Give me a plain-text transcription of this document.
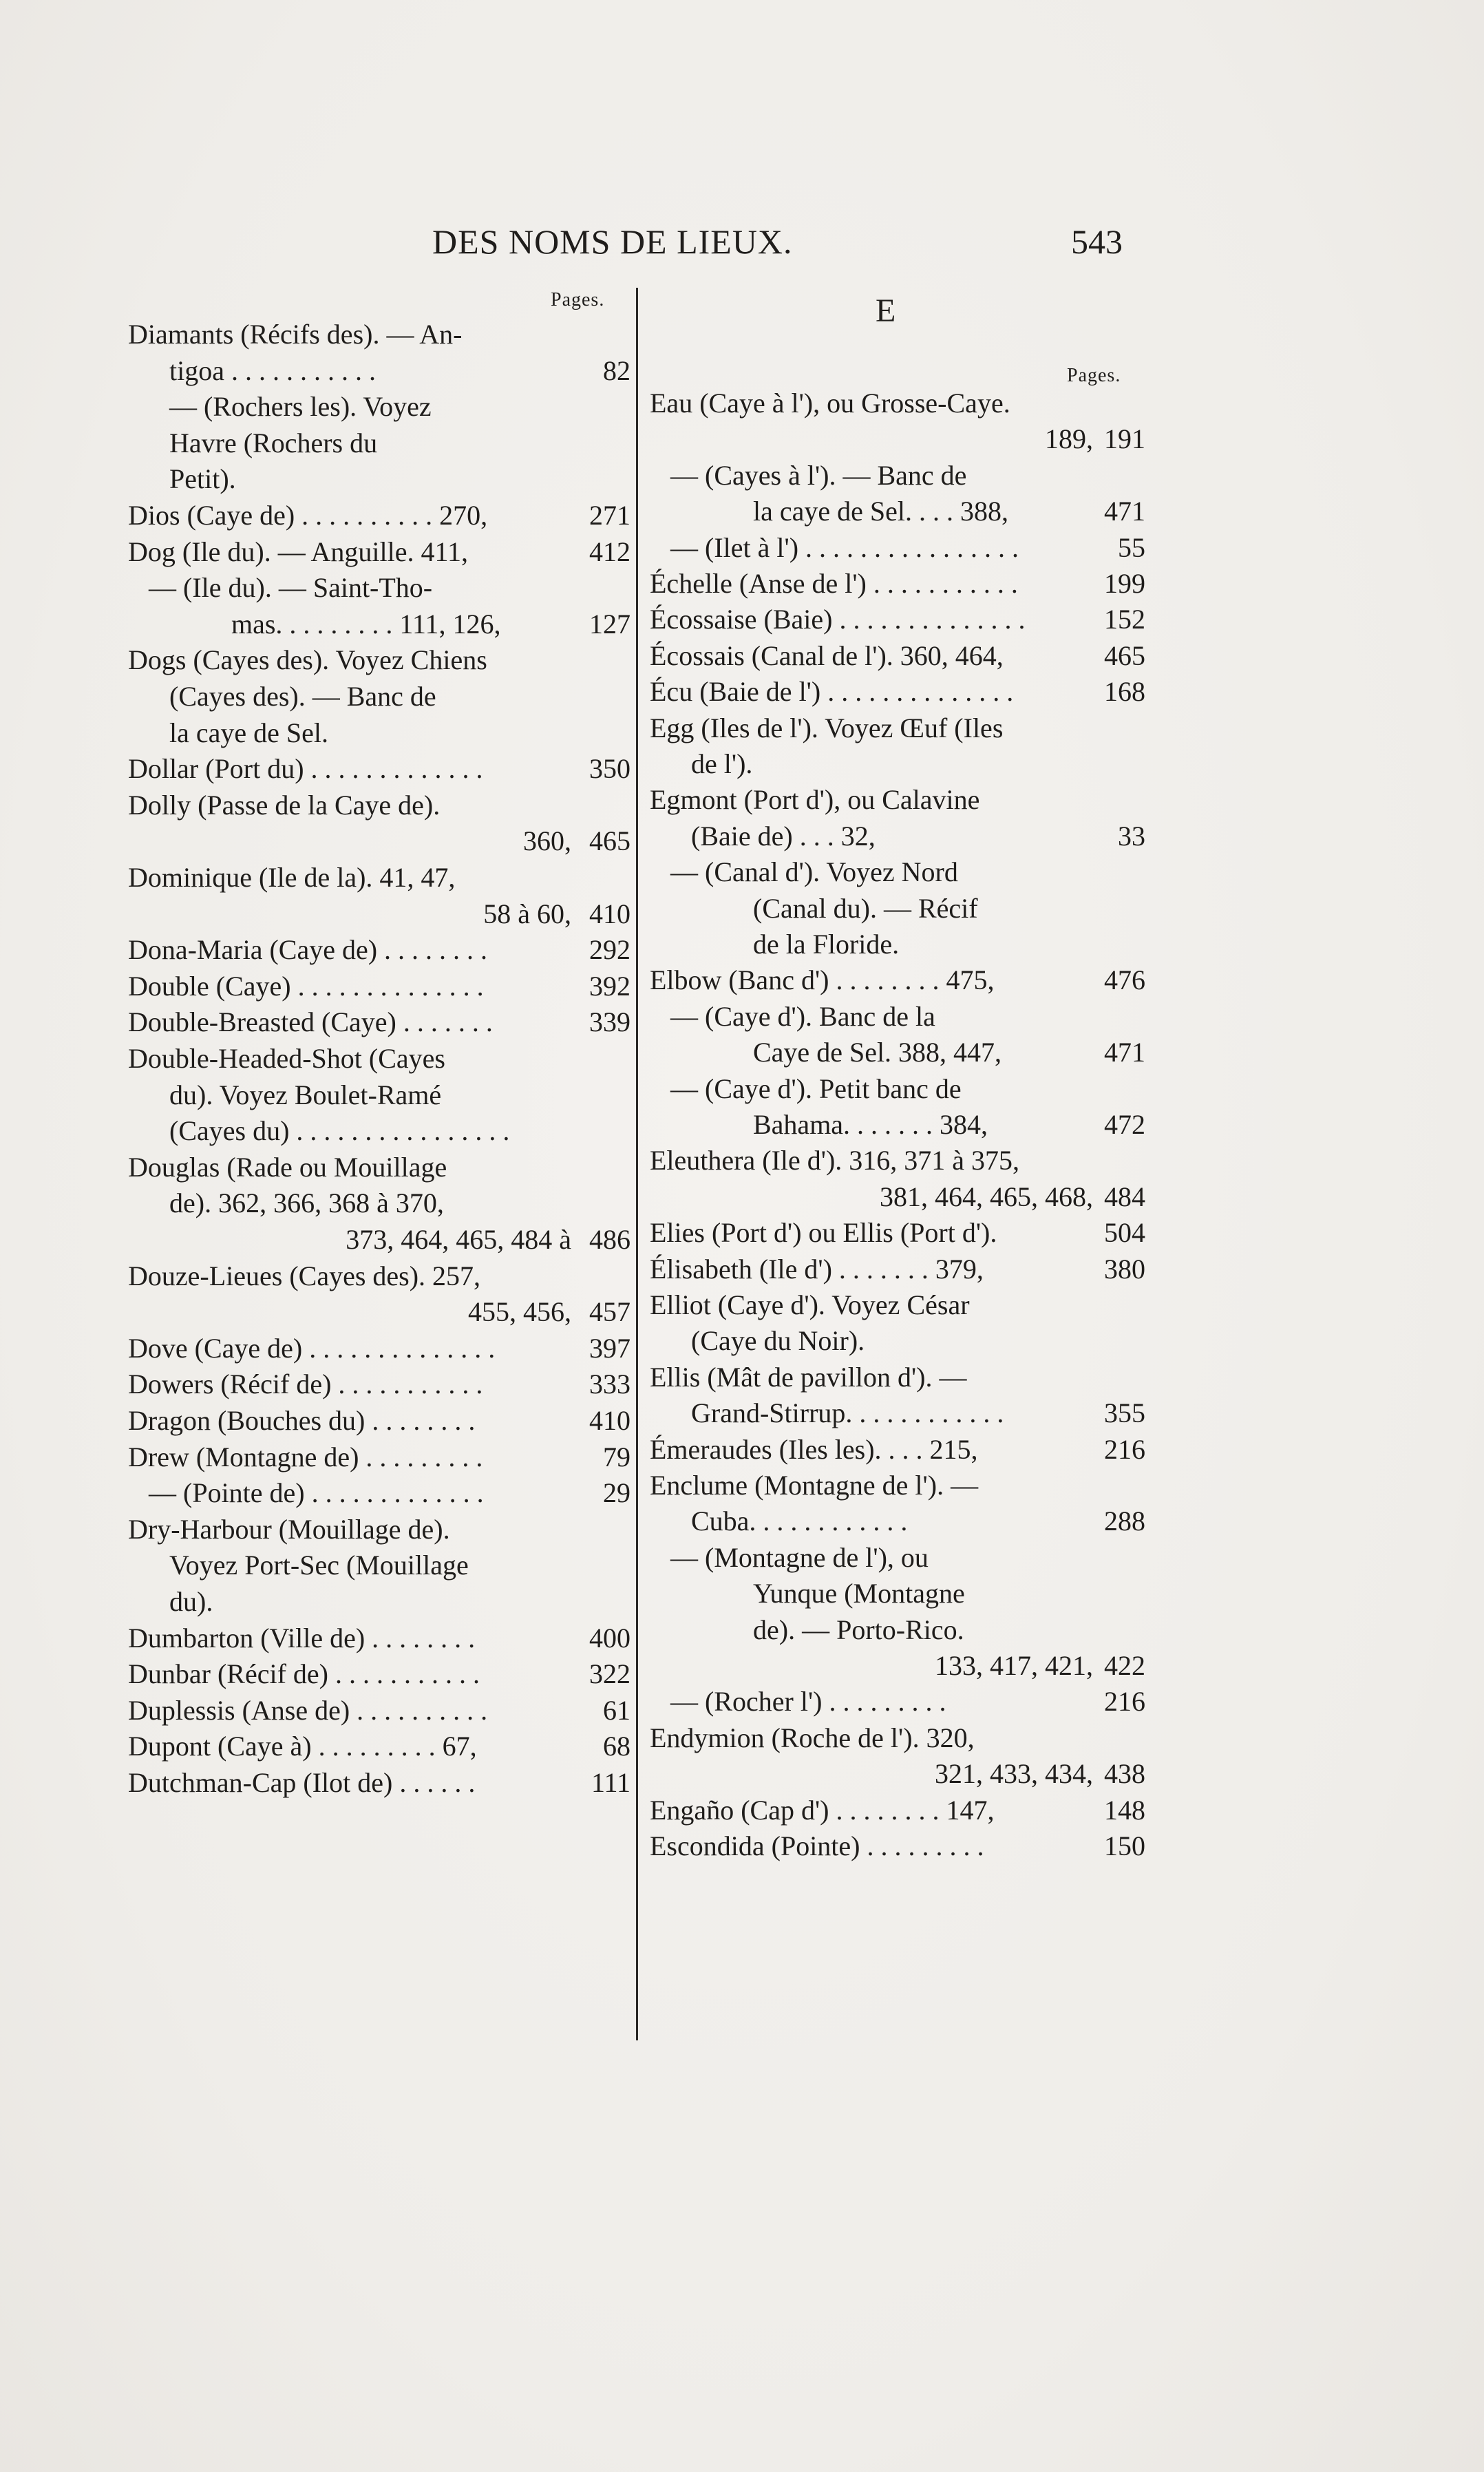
DES NOMS DE LIEUX.	543
E
Pages.
Pages.
Diamants (Récifs des). — An-
tigoa . . . . . . . . . . .	82
— (Rochers les). Voyez
Havre (Rochers du
Petit).
Dios (Caye de) . . . . . . . . . . 270,	271
Dog (Ile du). — Anguille. 411,	412
— (Ile du). — Saint-Tho-
mas. . . . . . . . . 111, 126,	127
Dogs (Cayes des). Voyez Chiens
(Cayes des). — Banc de
la caye de Sel.
Dollar (Port du) . . . . . . . . . . . . .	350
Dolly (Passe de la Caye de).
360, 465
Dominique (Ile de la). 41, 47,
58 à 60, 410
Dona-Maria (Caye de) . . . . . . . .	292
Double (Caye) . . . . . . . . . . . . . .	392
Double-Breasted (Caye) . . . . . . .	339
Double-Headed-Shot (Cayes
du). Voyez Boulet-Ramé
(Cayes du) . . . . . . . . . . . . . . . .
Douglas (Rade ou Mouillage
de). 362, 366, 368 à 370,
373, 464, 465, 484 à 486
Douze-Lieues (Cayes des). 257,
455, 456, 457
Dove (Caye de) . . . . . . . . . . . . . .	397
Dowers (Récif de) . . . . . . . . . . .	333
Dragon (Bouches du) . . . . . . . .	410
Drew (Montagne de) . . . . . . . . .	79
— (Pointe de) . . . . . . . . . . . . .	29
Dry-Harbour (Mouillage de).
Voyez Port-Sec (Mouillage
du).
Dumbarton (Ville de) . . . . . . . .	400
Dunbar (Récif de) . . . . . . . . . . .	322
Duplessis (Anse de) . . . . . . . . . .	61
Dupont (Caye à) . . . . . . . . . 67,	68
Dutchman-Cap (Ilot de) . . . . . .	111
Eau (Caye à l'), ou Grosse-Caye.
189, 191
— (Cayes à l'). — Banc de
la caye de Sel. . . . 388,	471
— (Ilet à l') . . . . . . . . . . . . . . . .	55
Échelle (Anse de l') . . . . . . . . . . .	199
Écossaise (Baie) . . . . . . . . . . . . . .	152
Écossais (Canal de l'). 360, 464,	465
Écu (Baie de l') . . . . . . . . . . . . . .	168
Egg (Iles de l'). Voyez Œuf (Iles
de l').
Egmont (Port d'), ou Calavine
(Baie de) . . . 32,	33
— (Canal d'). Voyez Nord
(Canal du). — Récif
de la Floride.
Elbow (Banc d') . . . . . . . . 475,	476
— (Caye d'). Banc de la
Caye de Sel. 388, 447,	471
— (Caye d'). Petit banc de
Bahama. . . . . . . 384,	472
Eleuthera (Ile d'). 316, 371 à 375,
381, 464, 465, 468, 484
Elies (Port d') ou Ellis (Port d').	504
Élisabeth (Ile d') . . . . . . . 379,	380
Elliot (Caye d'). Voyez César
(Caye du Noir).
Ellis (Mât de pavillon d'). —
Grand-Stirrup. . . . . . . . . . . .	355
Émeraudes (Iles les). . . . 215,	216
Enclume (Montagne de l'). —
Cuba. . . . . . . . . . . .	288
— (Montagne de l'), ou
Yunque (Montagne
de). — Porto-Rico.
133, 417, 421, 422
— (Rocher l') . . . . . . . . .	216
Endymion (Roche de l'). 320,
321, 433, 434, 438
Engaño (Cap d') . . . . . . . . 147,	148
Escondida (Pointe) . . . . . . . . .	150
